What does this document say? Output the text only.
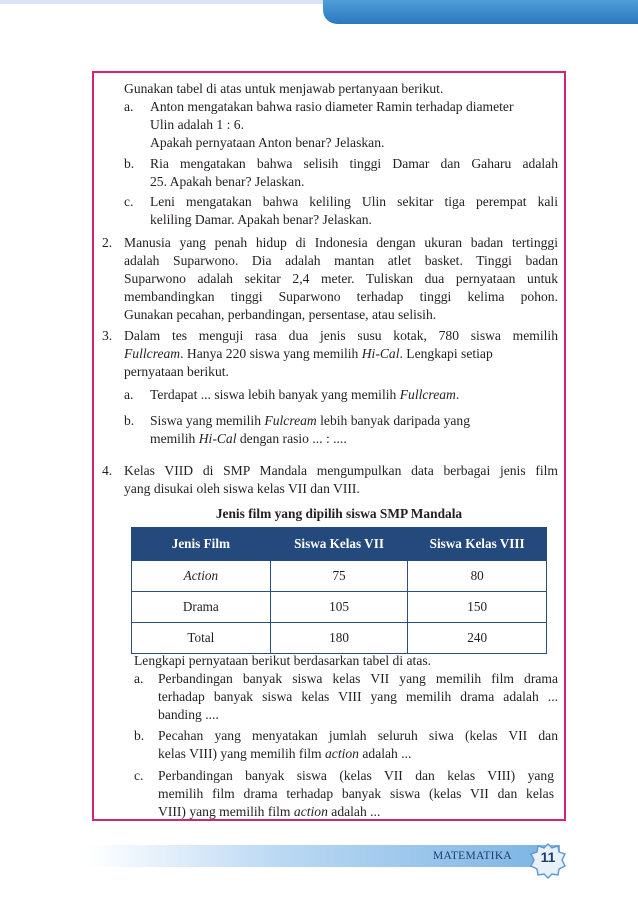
Gunakan tabel di atas untuk menjawab pertanyaan berikut.
a. Anton mengatakan bahwa rasio diameter Ramin terhadap diameter
Ulin adalah 1 : 6.
Apakah pernyataan Anton benar? Jelaskan.
b. Ria mengatakan bahwa selisih tinggi Damar dan Gaharu adalah
25. Apakah benar? Jelaskan.
c. Leni mengatakan bahwa keliling Ulin sekitar tiga perempat kali
keliling Damar. Apakah benar? Jelaskan.
2. Manusia yang penah hidup di Indonesia dengan ukuran badan tertinggi
adalah Suparwono. Dia adalah mantan atlet basket. Tinggi badan
Suparwono adalah sekitar 2,4 meter. Tuliskan dua pernyataan untuk
membandingkan tinggi Suparwono terhadap tinggi kelima pohon.
Gunakan pecahan, perbandingan, persentase, atau selisih.
3. Dalam tes menguji rasa dua jenis susu kotak, 780 siswa memilih
Fullcream. Hanya 220 siswa yang memilih Hi-Cal. Lengkapi setiap
pernyataan berikut.
a. Terdapat ... siswa lebih banyak yang memilih Fullcream.
b. Siswa yang memilih Fulcream lebih banyak daripada yang
memilih Hi-Cal dengan rasio ... : ....
4. Kelas VIID di SMP Mandala mengumpulkan data berbagai jenis film
yang disukai oleh siswa kelas VII dan VIII.
Jenis film yang dipilih siswa SMP Mandala
Jenis Film	Siswa Kelas VII	Siswa Kelas VIII
Action	75	80
Drama	105	150
Total	180	240
Lengkapi pernyataan berikut berdasarkan tabel di atas.
a. Perbandingan banyak siswa kelas VII yang memilih film drama
terhadap banyak siswa kelas VIII yang memilih drama adalah ...
banding ....
b. Pecahan yang menyatakan jumlah seluruh siwa (kelas VII dan
kelas VIII) yang memilih film action adalah ...
c. Perbandingan banyak siswa (kelas VII dan kelas VIII) yang
memilih film drama terhadap banyak siswa (kelas VII dan kelas
VIII) yang memilih film action adalah ...
MATEMATIKA	11
